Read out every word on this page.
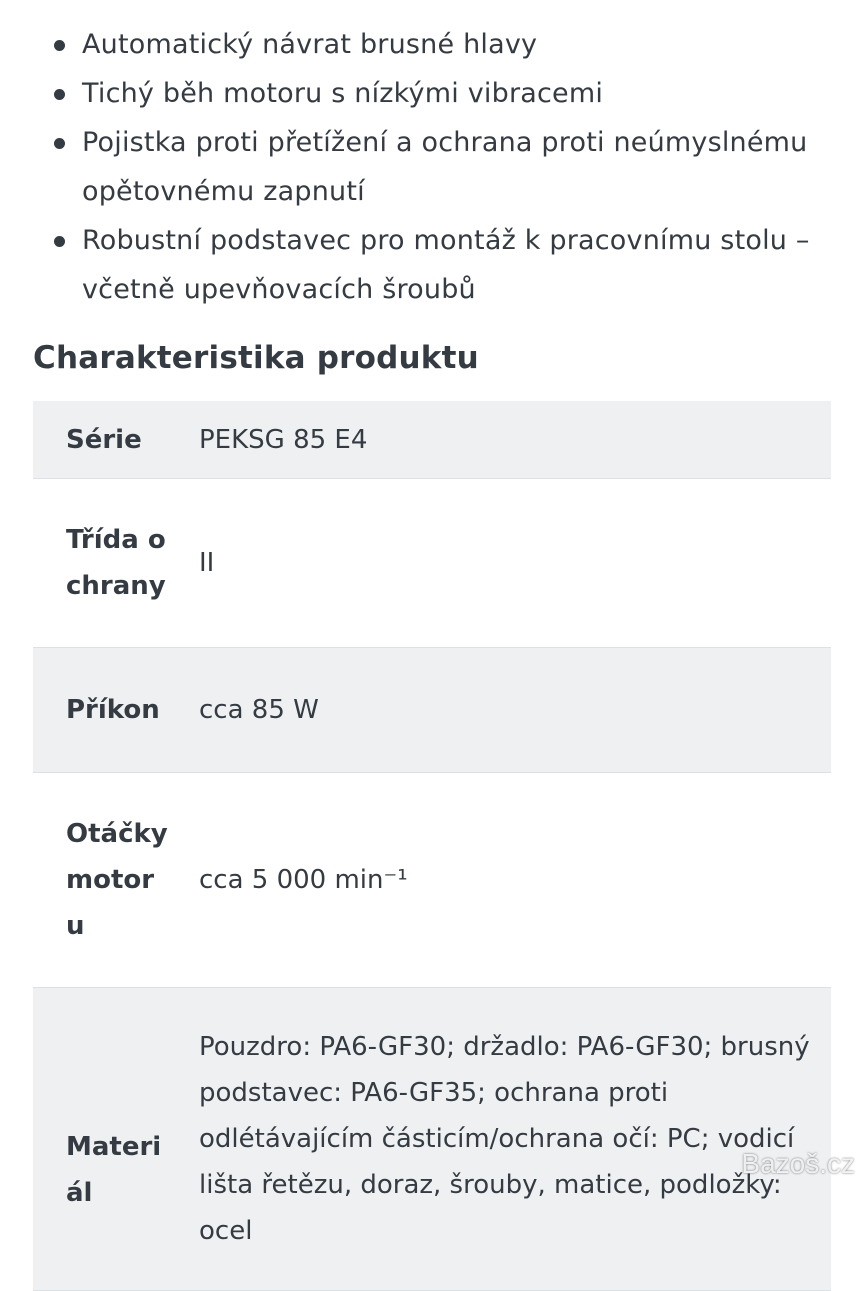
Automatický návrat brusné hlavy
Tichý běh motoru s nízkými vibracemi
Pojistka proti přetížení a ochrana proti neúmyslnému opětovnému zapnutí
Robustní podstavec pro montáž k pracovnímu stolu – včetně upevňovacích šroubů
Charakteristika produktu
Série	PEKSG 85 E4
Třída ochrany	II
Příkon	cca 85 W
Otáčky motoru	cca 5 000 min⁻¹
Materiál	Pouzdro: PA6-GF30; držadlo: PA6-GF30; brusný podstavec: PA6-GF35; ochrana proti odlétávajícím částicím/ochrana očí: PC; vodicí lišta řetězu, doraz, šrouby, matice, podložky: ocel
Bazoš.cz
